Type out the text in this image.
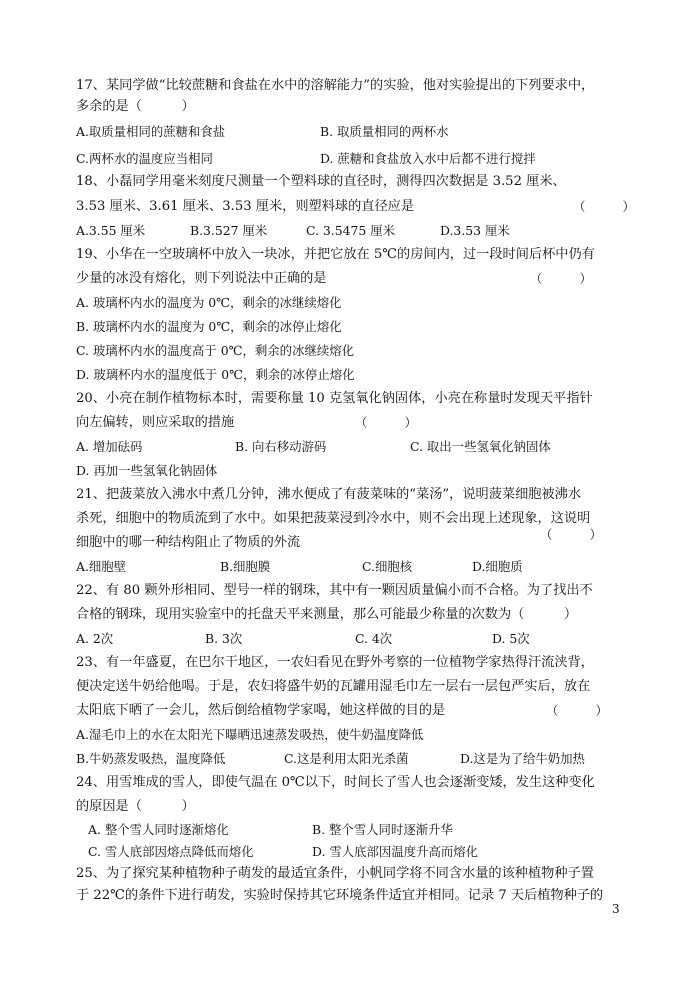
17、某同学做“比较蔗糖和食盐在水中的溶解能力”的实验，他对实验提出的下列要求中，
多余的是（　　　）
A.取质量相同的蔗糖和食盐	B. 取质量相同的两杯水
C.两杯水的温度应当相同	D. 蔗糖和食盐放入水中后都不进行搅拌
18、小磊同学用毫米刻度尺测量一个塑料球的直径时，测得四次数据是 3.52 厘米、
3.53 厘米、3.61 厘米、3.53 厘米，则塑料球的直径应是	（　　　）
A.3.55 厘米	B.3.527 厘米	C. 3.5475 厘米	D.3.53 厘米
19、小华在一空玻璃杯中放入一块冰，并把它放在 5℃的房间内，过一段时间后杯中仍有
少量的冰没有熔化，则下列说法中正确的是	（　　　）
A. 玻璃杯内水的温度为 0℃，剩余的冰继续熔化
B. 玻璃杯内水的温度为 0℃，剩余的冰停止熔化
C. 玻璃杯内水的温度高于 0℃，剩余的冰继续熔化
D. 玻璃杯内水的温度低于 0℃，剩余的冰停止熔化
20、小亮在制作植物标本时，需要称量 10 克氢氧化钠固体，小亮在称量时发现天平指针
向左偏转，则应采取的措施	（　　　）
A. 增加砝码	B. 向右移动游码	C. 取出一些氢氧化钠固体
D. 再加一些氢氧化钠固体
21、把菠菜放入沸水中煮几分钟，沸水便成了有菠菜味的“菜汤”，说明菠菜细胞被沸水
杀死，细胞中的物质流到了水中。如果把菠菜浸到冷水中，则不会出现上述现象，这说明
细胞中的哪一种结构阻止了物质的外流
（　　　）
A.细胞壁	B.细胞膜	C.细胞核	D.细胞质
22、有 80 颗外形相同、型号一样的钢珠，其中有一颗因质量偏小而不合格。为了找出不
合格的钢珠，现用实验室中的托盘天平来测量，那么可能最少称量的次数为（　　　）
A. 2次	B. 3次	C. 4次	D. 5次
23、有一年盛夏，在巴尔干地区，一农妇看见在野外考察的一位植物学家热得汗流浃背，
便决定送牛奶给他喝。于是，农妇将盛牛奶的瓦罐用湿毛巾左一层右一层包严实后，放在
太阳底下晒了一会儿，然后倒给植物学家喝，她这样做的目的是	（　　　）
A.湿毛巾上的水在太阳光下曝晒迅速蒸发吸热，使牛奶温度降低
B.牛奶蒸发吸热，温度降低	C.这是利用太阳光杀菌	D.这是为了给牛奶加热
24、用雪堆成的雪人，即使气温在 0℃以下，时间长了雪人也会逐渐变矮，发生这种变化
的原因是（　　　）
A. 整个雪人同时逐渐熔化	B. 整个雪人同时逐渐升华
C. 雪人底部因熔点降低而熔化	D. 雪人底部因温度升高而熔化
25、为了探究某种植物种子萌发的最适宜条件，小帆同学将不同含水量的该种植物种子置
于 22℃的条件下进行萌发，实验时保持其它环境条件适宜并相同。记录 7 天后植物种子的
3
